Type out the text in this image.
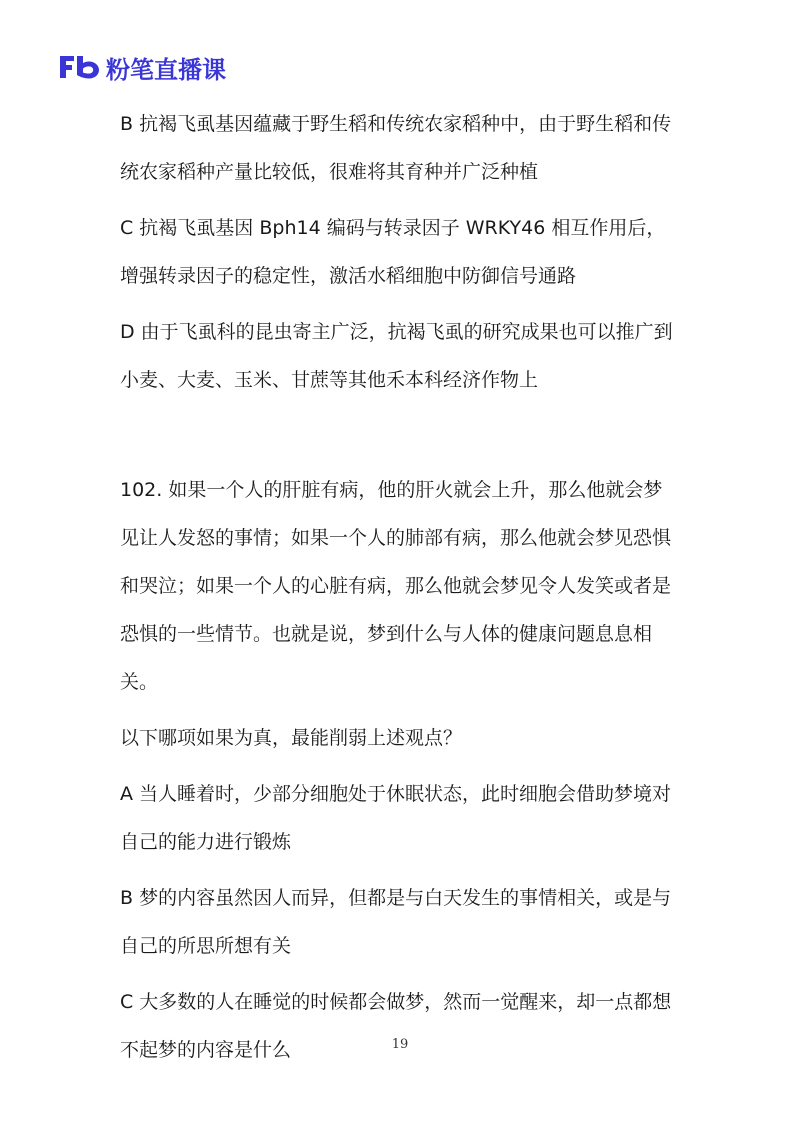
粉笔直播课

B 抗褐飞虱基因蕴藏于野生稻和传统农家稻种中，由于野生稻和传统农家稻种产量比较低，很难将其育种并广泛种植

C 抗褐飞虱基因 Bph14 编码与转录因子 WRKY46 相互作用后，增强转录因子的稳定性，激活水稻细胞中防御信号通路

D 由于飞虱科的昆虫寄主广泛，抗褐飞虱的研究成果也可以推广到小麦、大麦、玉米、甘蔗等其他禾本科经济作物上

102. 如果一个人的肝脏有病，他的肝火就会上升，那么他就会梦见让人发怒的事情；如果一个人的肺部有病，那么他就会梦见恐惧和哭泣；如果一个人的心脏有病，那么他就会梦见令人发笑或者是恐惧的一些情节。也就是说，梦到什么与人体的健康问题息息相关。

以下哪项如果为真，最能削弱上述观点？

A 当人睡着时，少部分细胞处于休眠状态，此时细胞会借助梦境对自己的能力进行锻炼

B 梦的内容虽然因人而异，但都是与白天发生的事情相关，或是与自己的所思所想有关

C 大多数的人在睡觉的时候都会做梦，然而一觉醒来，却一点都想不起梦的内容是什么	19
